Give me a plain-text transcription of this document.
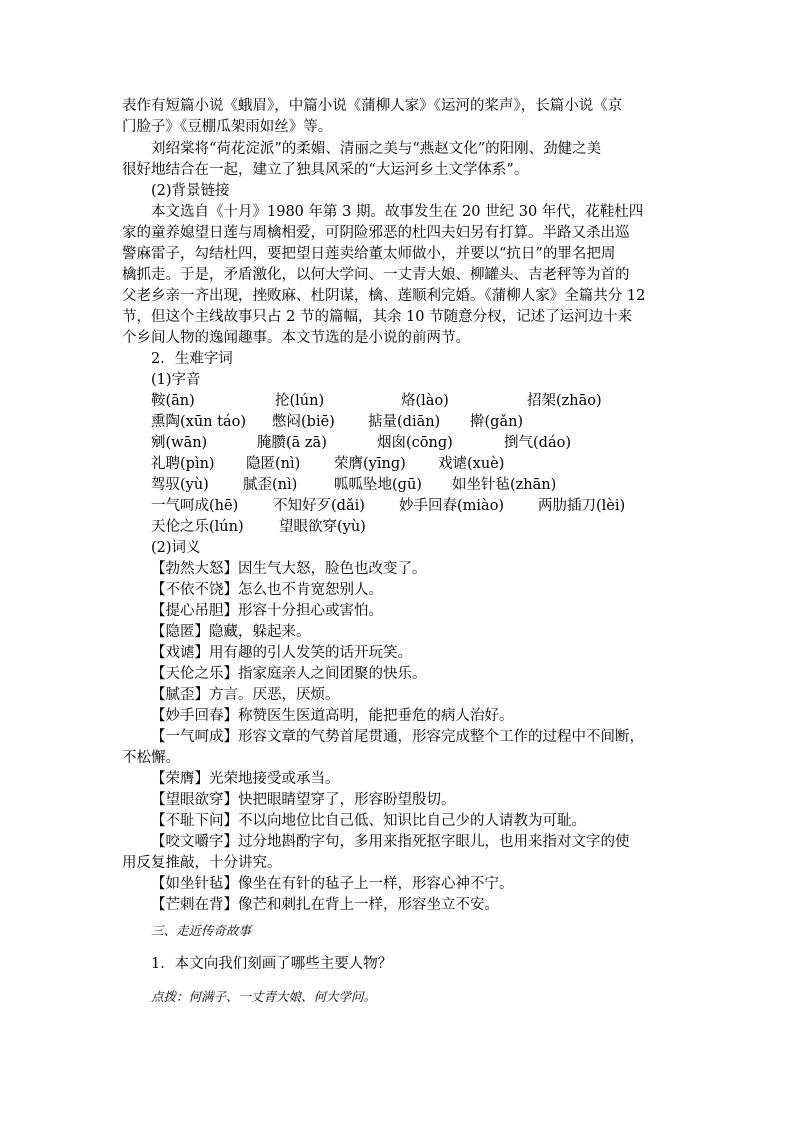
表作有短篇小说《蛾眉》，中篇小说《蒲柳人家》《运河的桨声》，长篇小说《京
门脸子》《豆棚瓜架雨如丝》等。
刘绍棠将“荷花淀派”的柔媚、清丽之美与“燕赵文化”的阳刚、劲健之美
很好地结合在一起，建立了独具风采的“大运河乡土文学体系”。
(2)背景链接
本文选自《十月》1980 年第 3 期。故事发生在 20 世纪 30 年代，花鞋杜四
家的童养媳望日莲与周檎相爱，可阴险邪恶的杜四夫妇另有打算。半路又杀出巡
警麻雷子，勾结杜四，要把望日莲卖给董太师做小，并要以“抗日”的罪名把周
檎抓走。于是，矛盾激化，以何大学问、一丈青大娘、柳罐头、吉老秤等为首的
父老乡亲一齐出现，挫败麻、杜阴谋，檎、莲顺利完婚。《蒲柳人家》全篇共分 12
节，但这个主线故事只占 2 节的篇幅，其余 10 节随意分杈，记述了运河边十来
个乡间人物的逸闻趣事。本文节选的是小说的前两节。
2．生难字词
(1)字音
鞍(ān)	抡(lún)	烙(lào)	招架(zhāo)
熏陶(xūn táo) 憋闷(biē) 掂量(diān) 擀(gǎn)
剜(wān)	腌臜(ā zā)	烟囱(cōnɡ)	捯气(dáo)
礼聘(pìn) 隐匿(nì) 荣膺(yīnɡ) 戏谑(xuè)
驾驭(yù) 腻歪(nì)	呱呱坠地(ɡū) 如坐针毡(zhān)
一气呵成(hē) 不知好歹(dǎi) 妙手回春(miào) 两肋插刀(lèi)
天伦之乐(lún) 望眼欲穿(yù)
(2)词义
【勃然大怒】因生气大怒，脸色也改变了。
【不依不饶】怎么也不肯宽恕别人。
【提心吊胆】形容十分担心或害怕。
【隐匿】隐藏，躲起来。
【戏谑】用有趣的引人发笑的话开玩笑。
【天伦之乐】指家庭亲人之间团聚的快乐。
【腻歪】方言。厌恶，厌烦。
【妙手回春】称赞医生医道高明，能把垂危的病人治好。
【一气呵成】形容文章的气势首尾贯通，形容完成整个工作的过程中不间断，
不松懈。
【荣膺】光荣地接受或承当。
【望眼欲穿】快把眼睛望穿了，形容盼望殷切。
【不耻下问】不以向地位比自己低、知识比自己少的人请教为可耻。
【咬文嚼字】过分地斟酌字句，多用来指死抠字眼儿，也用来指对文字的使
用反复推敲，十分讲究。
【如坐针毡】像坐在有针的毡子上一样，形容心神不宁。
【芒刺在背】像芒和刺扎在背上一样，形容坐立不安。
三、走近传奇故事
1．本文向我们刻画了哪些主要人物？
点拨：何满子、一丈青大娘、何大学问。
